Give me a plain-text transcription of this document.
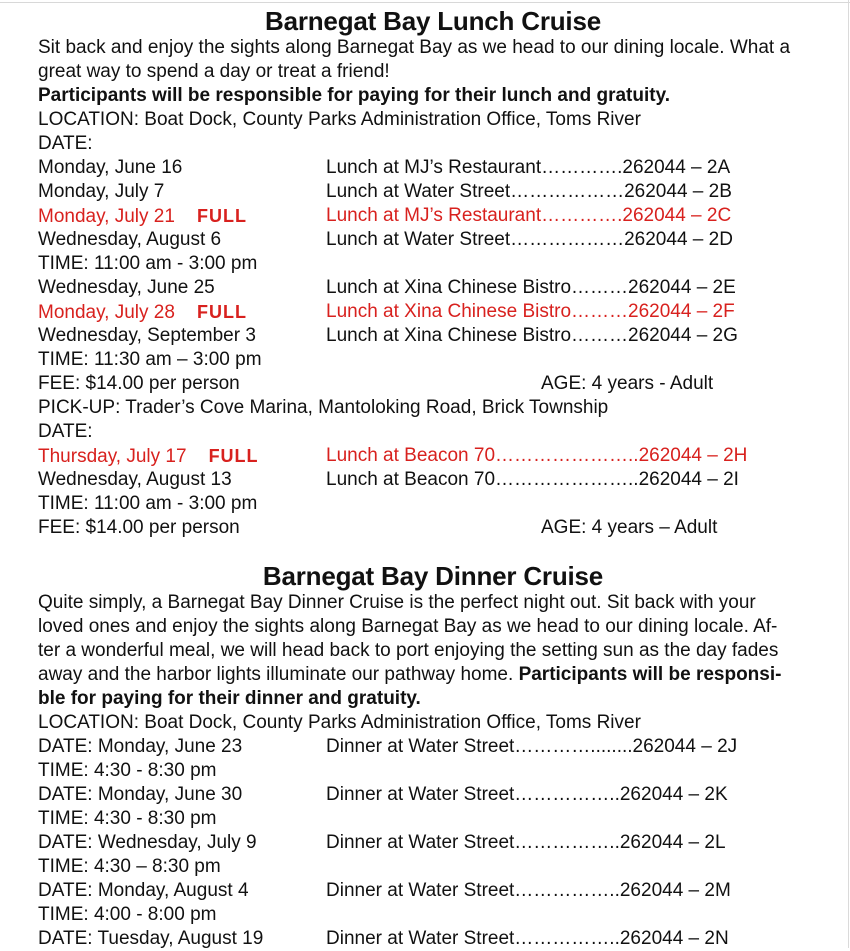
Barnegat Bay Lunch Cruise

Sit back and enjoy the sights along Barnegat Bay as we head to our dining locale. What a great way to spend a day or treat a friend!

Participants will be responsible for paying for their lunch and gratuity.

LOCATION: Boat Dock, County Parks Administration Office, Toms River
DATE:
Monday, June 16	Lunch at MJ’s Restaurant………….262044 – 2A
Monday, July 7	Lunch at Water Street………………262044 – 2B
Monday, July 21 FULL	Lunch at MJ’s Restaurant………….262044 – 2C
Wednesday, August 6	Lunch at Water Street………………262044 – 2D
TIME: 11:00 am - 3:00 pm
Wednesday, June 25	Lunch at Xina Chinese Bistro………262044 – 2E
Monday, July 28 FULL	Lunch at Xina Chinese Bistro………262044 – 2F
Wednesday, September 3	Lunch at Xina Chinese Bistro………262044 – 2G
TIME: 11:30 am – 3:00 pm
FEE: $14.00 per person	AGE: 4 years - Adult
PICK-UP: Trader’s Cove Marina, Mantoloking Road, Brick Township
DATE:
Thursday, July 17 FULL	Lunch at Beacon 70…………………..262044 – 2H
Wednesday, August 13	Lunch at Beacon 70…………………..262044 – 2I
TIME: 11:00 am - 3:00 pm
FEE: $14.00 per person	AGE: 4 years – Adult
Barnegat Bay Dinner Cruise
Quite simply, a Barnegat Bay Dinner Cruise is the perfect night out. Sit back with your
loved ones and enjoy the sights along Barnegat Bay as we head to our dining locale. Af-
ter a wonderful meal, we will head back to port enjoying the setting sun as the day fades
away and the harbor lights illuminate our pathway home. Participants will be responsi-
ble for paying for their dinner and gratuity.
LOCATION: Boat Dock, County Parks Administration Office, Toms River
DATE: Monday, June 23	Dinner at Water Street…………........262044 – 2J
TIME: 4:30 - 8:30 pm
DATE: Monday, June 30	Dinner at Water Street……………..262044 – 2K
TIME: 4:30 - 8:30 pm
DATE: Wednesday, July 9	Dinner at Water Street……………..262044 – 2L
TIME: 4:30 – 8:30 pm
DATE: Monday, August 4	Dinner at Water Street……………..262044 – 2M
TIME: 4:00 - 8:00 pm
DATE: Tuesday, August 19	Dinner at Water Street……………..262044 – 2N
